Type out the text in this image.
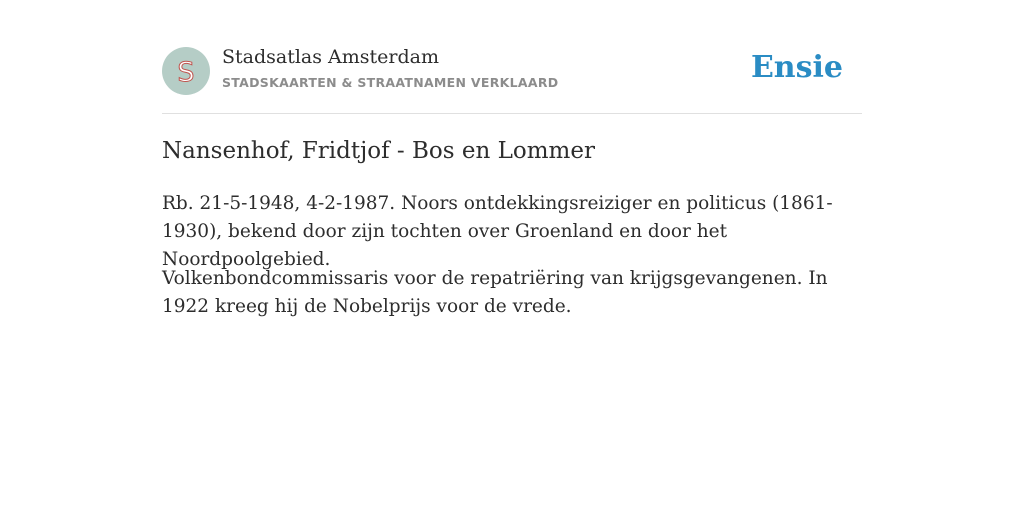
S Stadsatlas Amsterdam
STADSKAARTEN & STRAATNAMEN VERKLAARD	Ensie
Nansenhof, Fridtjof - Bos en Lommer

Rb. 21-5-1948, 4-2-1987. Noors ontdekkingsreiziger en politicus (1861- 1930), bekend door zijn tochten over Groenland en door het Noordpoolgebied.

Volkenbondcommissaris voor de repatriëring van krijgsgevangenen. In 1922 kreeg hij de Nobelprijs voor de vrede.
